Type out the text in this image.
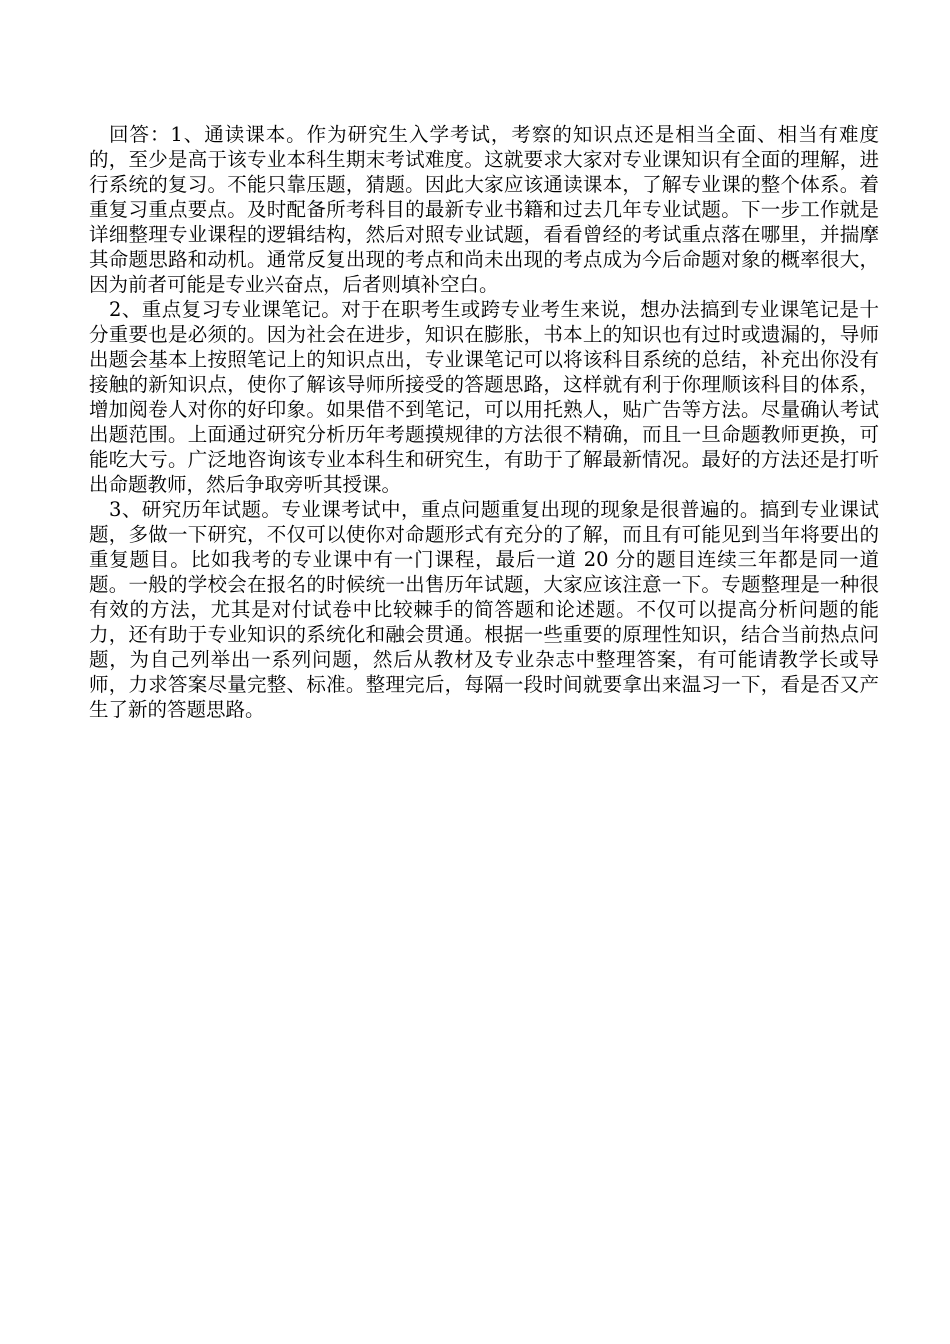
回答：1、通读课本。作为研究生入学考试，考察的知识点还是相当全面、相当有难度的，至少是高于该专业本科生期末考试难度。这就要求大家对专业课知识有全面的理解，进行系统的复习。不能只靠压题，猜题。因此大家应该通读课本，了解专业课的整个体系。着重复习重点要点。及时配备所考科目的最新专业书籍和过去几年专业试题。下一步工作就是详细整理专业课程的逻辑结构，然后对照专业试题，看看曾经的考试重点落在哪里，并揣摩其命题思路和动机。通常反复出现的考点和尚未出现的考点成为今后命题对象的概率很大，因为前者可能是专业兴奋点，后者则填补空白。

2、重点复习专业课笔记。对于在职考生或跨专业考生来说，想办法搞到专业课笔记是十分重要也是必须的。因为社会在进步，知识在膨胀，书本上的知识也有过时或遗漏的，导师出题会基本上按照笔记上的知识点出，专业课笔记可以将该科目系统的总结，补充出你没有接触的新知识点，使你了解该导师所接受的答题思路，这样就有利于你理顺该科目的体系，增加阅卷人对你的好印象。如果借不到笔记，可以用托熟人，贴广告等方法。尽量确认考试出题范围。上面通过研究分析历年考题摸规律的方法很不精确，而且一旦命题教师更换，可能吃大亏。广泛地咨询该专业本科生和研究生，有助于了解最新情况。最好的方法还是打听出命题教师，然后争取旁听其授课。

3、研究历年试题。专业课考试中，重点问题重复出现的现象是很普遍的。搞到专业课试题，多做一下研究，不仅可以使你对命题形式有充分的了解，而且有可能见到当年将要出的重复题目。比如我考的专业课中有一门课程，最后一道 20 分的题目连续三年都是同一道题。一般的学校会在报名的时候统一出售历年试题，大家应该注意一下。专题整理是一种很有效的方法，尤其是对付试卷中比较棘手的简答题和论述题。不仅可以提高分析问题的能力，还有助于专业知识的系统化和融会贯通。根据一些重要的原理性知识，结合当前热点问题，为自己列举出一系列问题，然后从教材及专业杂志中整理答案，有可能请教学长或导师，力求答案尽量完整、标准。整理完后，每隔一段时间就要拿出来温习一下，看是否又产生了新的答题思路。
